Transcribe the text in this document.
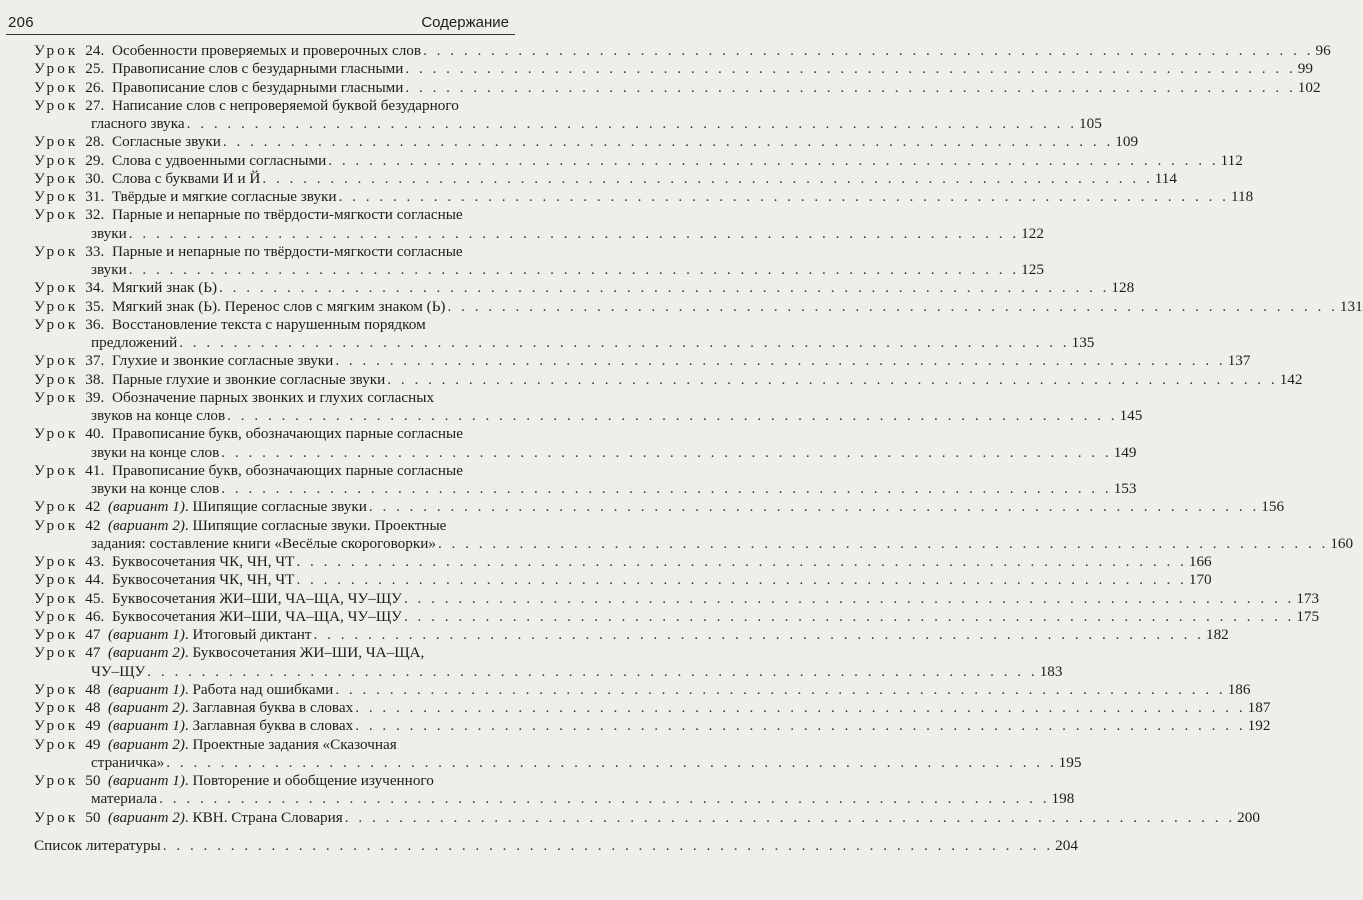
206	Содержание
Урок 24. Особенности проверяемых и проверочных слов . . . . . . . . . . . . . . . . . . . . . . . . . . . . . . . . . . . . . . . . . . . . . . . . . . . . . . . . . . . . . . . . . . 96
Урок 25. Правописание слов с безударными гласными . . . . . . . . . . . . . . . . . . . . . . . . . . . . . . . . . . . . . . . . . . . . . . . . . . . . . . . . . . . . . . . . . . 99
Урок 26. Правописание слов с безударными гласными . . . . . . . . . . . . . . . . . . . . . . . . . . . . . . . . . . . . . . . . . . . . . . . . . . . . . . . . . . . . . . . . . . 102
Урок 27. Написание слов с непроверяемой буквой безударного
гласного звука . . . . . . . . . . . . . . . . . . . . . . . . . . . . . . . . . . . . . . . . . . . . . . . . . . . . . . . . . . . . . . . . . . 105
Урок 28. Согласные звуки . . . . . . . . . . . . . . . . . . . . . . . . . . . . . . . . . . . . . . . . . . . . . . . . . . . . . . . . . . . . . . . . . . 109
Урок 29. Слова с удвоенными согласными . . . . . . . . . . . . . . . . . . . . . . . . . . . . . . . . . . . . . . . . . . . . . . . . . . . . . . . . . . . . . . . . . . 112
Урок 30. Слова с буквами И и Й . . . . . . . . . . . . . . . . . . . . . . . . . . . . . . . . . . . . . . . . . . . . . . . . . . . . . . . . . . . . . . . . . . 114
Урок 31. Твёрдые и мягкие согласные звуки . . . . . . . . . . . . . . . . . . . . . . . . . . . . . . . . . . . . . . . . . . . . . . . . . . . . . . . . . . . . . . . . . . 118
Урок 32. Парные и непарные по твёрдости-мягкости согласные
звуки . . . . . . . . . . . . . . . . . . . . . . . . . . . . . . . . . . . . . . . . . . . . . . . . . . . . . . . . . . . . . . . . . . 122
Урок 33. Парные и непарные по твёрдости-мягкости согласные
звуки . . . . . . . . . . . . . . . . . . . . . . . . . . . . . . . . . . . . . . . . . . . . . . . . . . . . . . . . . . . . . . . . . . 125
Урок 34. Мягкий знак (Ь) . . . . . . . . . . . . . . . . . . . . . . . . . . . . . . . . . . . . . . . . . . . . . . . . . . . . . . . . . . . . . . . . . . 128
Урок 35. Мягкий знак (Ь). Перенос слов с мягким знаком (Ь) . . . . . . . . . . . . . . . . . . . . . . . . . . . . . . . . . . . . . . . . . . . . . . . . . . . . . . . . . . . . . . . . . . 131
Урок 36. Восстановление текста с нарушенным порядком
предложений . . . . . . . . . . . . . . . . . . . . . . . . . . . . . . . . . . . . . . . . . . . . . . . . . . . . . . . . . . . . . . . . . . 135
Урок 37. Глухие и звонкие согласные звуки . . . . . . . . . . . . . . . . . . . . . . . . . . . . . . . . . . . . . . . . . . . . . . . . . . . . . . . . . . . . . . . . . . 137
Урок 38. Парные глухие и звонкие согласные звуки . . . . . . . . . . . . . . . . . . . . . . . . . . . . . . . . . . . . . . . . . . . . . . . . . . . . . . . . . . . . . . . . . . 142
Урок 39. Обозначение парных звонких и глухих согласных
звуков на конце слов . . . . . . . . . . . . . . . . . . . . . . . . . . . . . . . . . . . . . . . . . . . . . . . . . . . . . . . . . . . . . . . . . . 145
Урок 40. Правописание букв, обозначающих парные согласные
звуки на конце слов . . . . . . . . . . . . . . . . . . . . . . . . . . . . . . . . . . . . . . . . . . . . . . . . . . . . . . . . . . . . . . . . . . 149
Урок 41. Правописание букв, обозначающих парные согласные
звуки на конце слов . . . . . . . . . . . . . . . . . . . . . . . . . . . . . . . . . . . . . . . . . . . . . . . . . . . . . . . . . . . . . . . . . . 153
Урок 42 (вариант 1). Шипящие согласные звуки . . . . . . . . . . . . . . . . . . . . . . . . . . . . . . . . . . . . . . . . . . . . . . . . . . . . . . . . . . . . . . . . . . 156
Урок 42 (вариант 2). Шипящие согласные звуки. Проектные
задания: составление книги «Весёлые скороговорки» . . . . . . . . . . . . . . . . . . . . . . . . . . . . . . . . . . . . . . . . . . . . . . . . . . . . . . . . . . . . . . . . . . 160
Урок 43. Буквосочетания ЧК, ЧН, ЧТ . . . . . . . . . . . . . . . . . . . . . . . . . . . . . . . . . . . . . . . . . . . . . . . . . . . . . . . . . . . . . . . . . . 166
Урок 44. Буквосочетания ЧК, ЧН, ЧТ . . . . . . . . . . . . . . . . . . . . . . . . . . . . . . . . . . . . . . . . . . . . . . . . . . . . . . . . . . . . . . . . . . 170
Урок 45. Буквосочетания ЖИ–ШИ, ЧА–ЩА, ЧУ–ЩУ . . . . . . . . . . . . . . . . . . . . . . . . . . . . . . . . . . . . . . . . . . . . . . . . . . . . . . . . . . . . . . . . . . 173
Урок 46. Буквосочетания ЖИ–ШИ, ЧА–ЩА, ЧУ–ЩУ . . . . . . . . . . . . . . . . . . . . . . . . . . . . . . . . . . . . . . . . . . . . . . . . . . . . . . . . . . . . . . . . . . 175
Урок 47 (вариант 1). Итоговый диктант . . . . . . . . . . . . . . . . . . . . . . . . . . . . . . . . . . . . . . . . . . . . . . . . . . . . . . . . . . . . . . . . . . 182
Урок 47 (вариант 2). Буквосочетания ЖИ–ШИ, ЧА–ЩА,
ЧУ–ЩУ . . . . . . . . . . . . . . . . . . . . . . . . . . . . . . . . . . . . . . . . . . . . . . . . . . . . . . . . . . . . . . . . . . 183
Урок 48 (вариант 1). Работа над ошибками . . . . . . . . . . . . . . . . . . . . . . . . . . . . . . . . . . . . . . . . . . . . . . . . . . . . . . . . . . . . . . . . . . 186
Урок 48 (вариант 2). Заглавная буква в словах . . . . . . . . . . . . . . . . . . . . . . . . . . . . . . . . . . . . . . . . . . . . . . . . . . . . . . . . . . . . . . . . . . 187
Урок 49 (вариант 1). Заглавная буква в словах . . . . . . . . . . . . . . . . . . . . . . . . . . . . . . . . . . . . . . . . . . . . . . . . . . . . . . . . . . . . . . . . . . 192
Урок 49 (вариант 2). Проектные задания «Сказочная
страничка» . . . . . . . . . . . . . . . . . . . . . . . . . . . . . . . . . . . . . . . . . . . . . . . . . . . . . . . . . . . . . . . . . . 195
Урок 50 (вариант 1). Повторение и обобщение изученного
материала . . . . . . . . . . . . . . . . . . . . . . . . . . . . . . . . . . . . . . . . . . . . . . . . . . . . . . . . . . . . . . . . . . 198
Урок 50 (вариант 2). КВН. Страна Словария . . . . . . . . . . . . . . . . . . . . . . . . . . . . . . . . . . . . . . . . . . . . . . . . . . . . . . . . . . . . . . . . . . 200
Список литературы . . . . . . . . . . . . . . . . . . . . . . . . . . . . . . . . . . . . . . . . . . . . . . . . . . . . . . . . . . . . . . . . . . 204
